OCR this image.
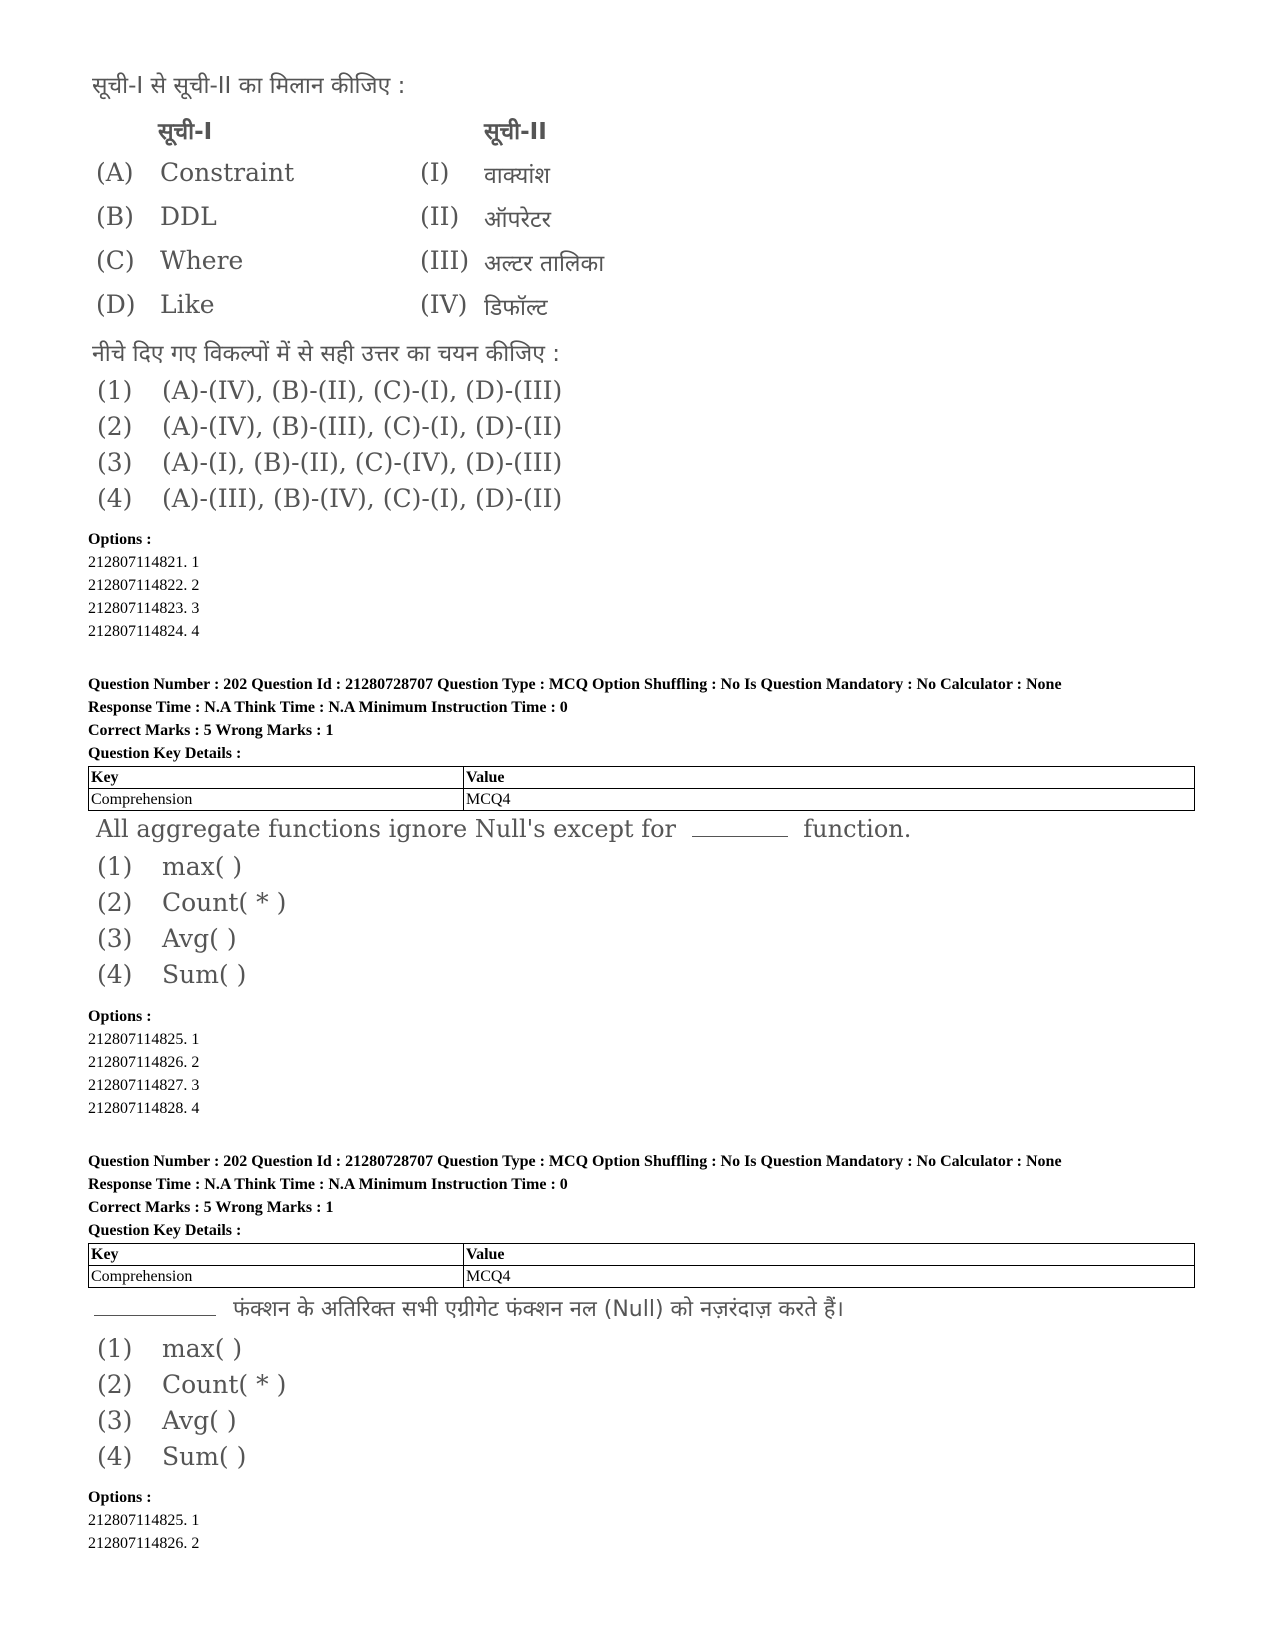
सूची-I से सूची-II का मिलान कीजिए :
सूची-I	सूची-II
(A) Constraint	(I) वाक्यांश
(B) DDL	(II) ऑपरेटर
(C) Where	(III) अल्टर तालिका
(D) Like	(IV) डिफॉल्ट
नीचे दिए गए विकल्पों में से सही उत्तर का चयन कीजिए :
(1) (A)-(IV), (B)-(II), (C)-(I), (D)-(III)
(2) (A)-(IV), (B)-(III), (C)-(I), (D)-(II)
(3) (A)-(I), (B)-(II), (C)-(IV), (D)-(III)
(4) (A)-(III), (B)-(IV), (C)-(I), (D)-(II)
Options :
212807114821. 1
212807114822. 2
212807114823. 3
212807114824. 4
Question Number : 202 Question Id : 21280728707 Question Type : MCQ Option Shuffling : No Is Question Mandatory : No Calculator : None
Response Time : N.A Think Time : N.A Minimum Instruction Time : 0
Correct Marks : 5 Wrong Marks : 1
Question Key Details :
Key	Value
Comprehension	MCQ4
All aggregate functions ignore Null's except for	function.
(1) max( )
(2) Count( * )
(3) Avg( )
(4) Sum( )
Options :
212807114825. 1
212807114826. 2
212807114827. 3
212807114828. 4
Question Number : 202 Question Id : 21280728707 Question Type : MCQ Option Shuffling : No Is Question Mandatory : No Calculator : None
Response Time : N.A Think Time : N.A Minimum Instruction Time : 0
Correct Marks : 5 Wrong Marks : 1
Question Key Details :
Key	Value
Comprehension	MCQ4
फंक्शन के अतिरिक्त सभी एग्रीगेट फंक्शन नल (Null) को नज़रंदाज़ करते हैं।
(1) max( )
(2) Count( * )
(3) Avg( )
(4) Sum( )
Options :
212807114825. 1
212807114826. 2
